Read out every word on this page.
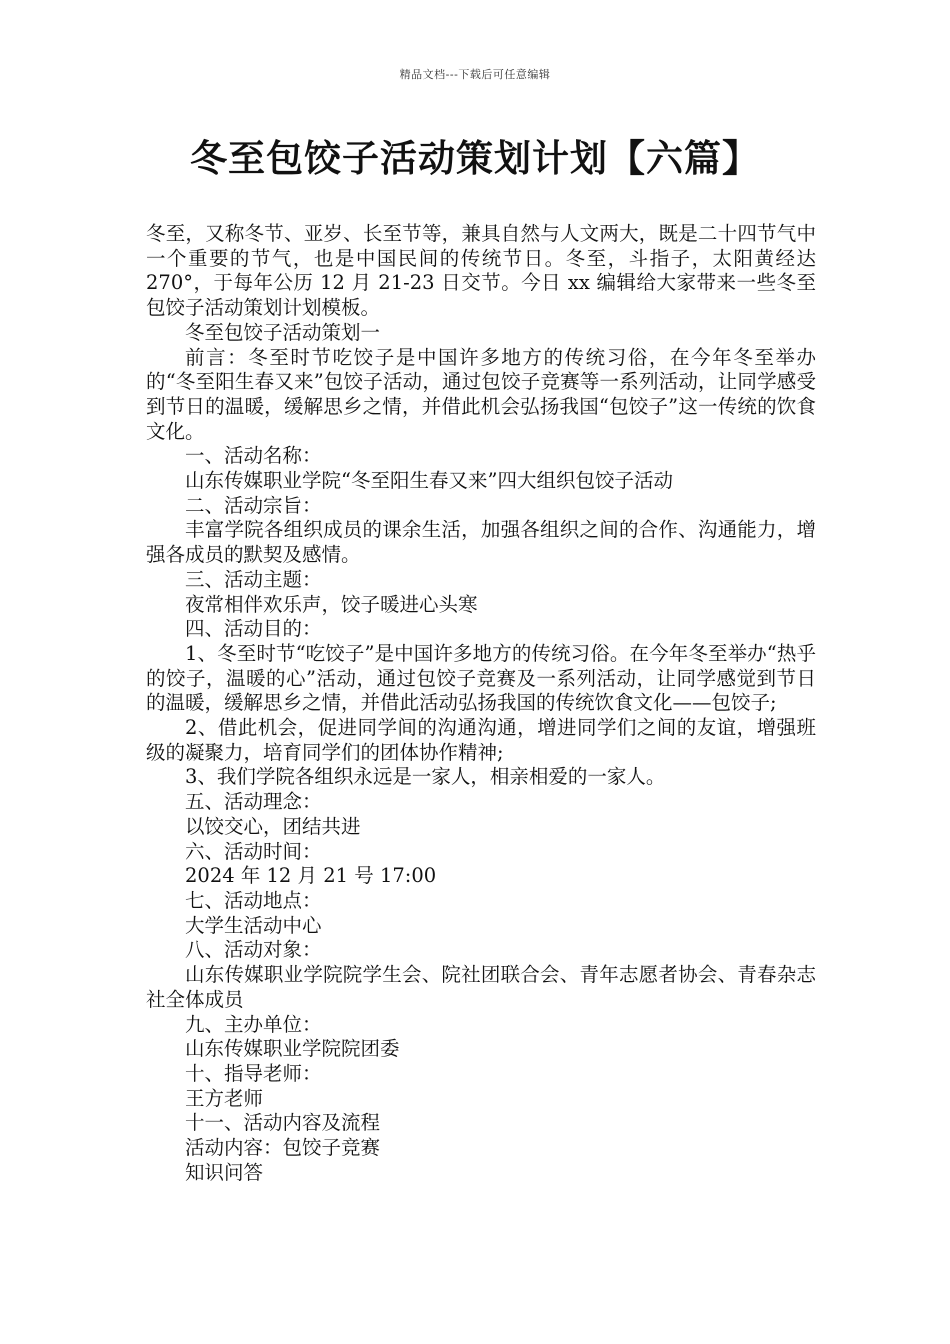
精品文档---下载后可任意编辑
冬至包饺子活动策划计划【六篇】

冬至，又称冬节、亚岁、长至节等，兼具自然与人文两大，既是二十四节气中一个重要的节气，也是中国民间的传统节日。冬至，斗指子，太阳黄经达 270°，于每年公历 12 月 21-23 日交节。今日 xx 编辑给大家带来一些冬至包饺子活动策划计划模板。

冬至包饺子活动策划一

前言：冬至时节吃饺子是中国许多地方的传统习俗，在今年冬至举办的“冬至阳生春又来”包饺子活动，通过包饺子竞赛等一系列活动，让同学感受到节日的温暖，缓解思乡之情，并借此机会弘扬我国“包饺子”这一传统的饮食文化。

一、活动名称：

山东传媒职业学院“冬至阳生春又来”四大组织包饺子活动

二、活动宗旨：

丰富学院各组织成员的课余生活，加强各组织之间的合作、沟通能力，增强各成员的默契及感情。

三、活动主题：

夜常相伴欢乐声，饺子暖进心头寒

四、活动目的：

1、冬至时节“吃饺子”是中国许多地方的传统习俗。在今年冬至举办“热乎的饺子，温暖的心”活动，通过包饺子竞赛及一系列活动，让同学感觉到节日的温暖，缓解思乡之情，并借此活动弘扬我国的传统饮食文化——包饺子;

2、借此机会，促进同学间的沟通沟通，增进同学们之间的友谊，增强班级的凝聚力，培育同学们的团体协作精神;

3、我们学院各组织永远是一家人，相亲相爱的一家人。

五、活动理念：

以饺交心，团结共进

六、活动时间：

2024 年 12 月 21 号 17:00

七、活动地点：

大学生活动中心

八、活动对象：

山东传媒职业学院院学生会、院社团联合会、青年志愿者协会、青春杂志社全体成员

九、主办单位：

山东传媒职业学院院团委

十、指导老师：

王方老师

十一、活动内容及流程

活动内容：包饺子竞赛

知识问答
